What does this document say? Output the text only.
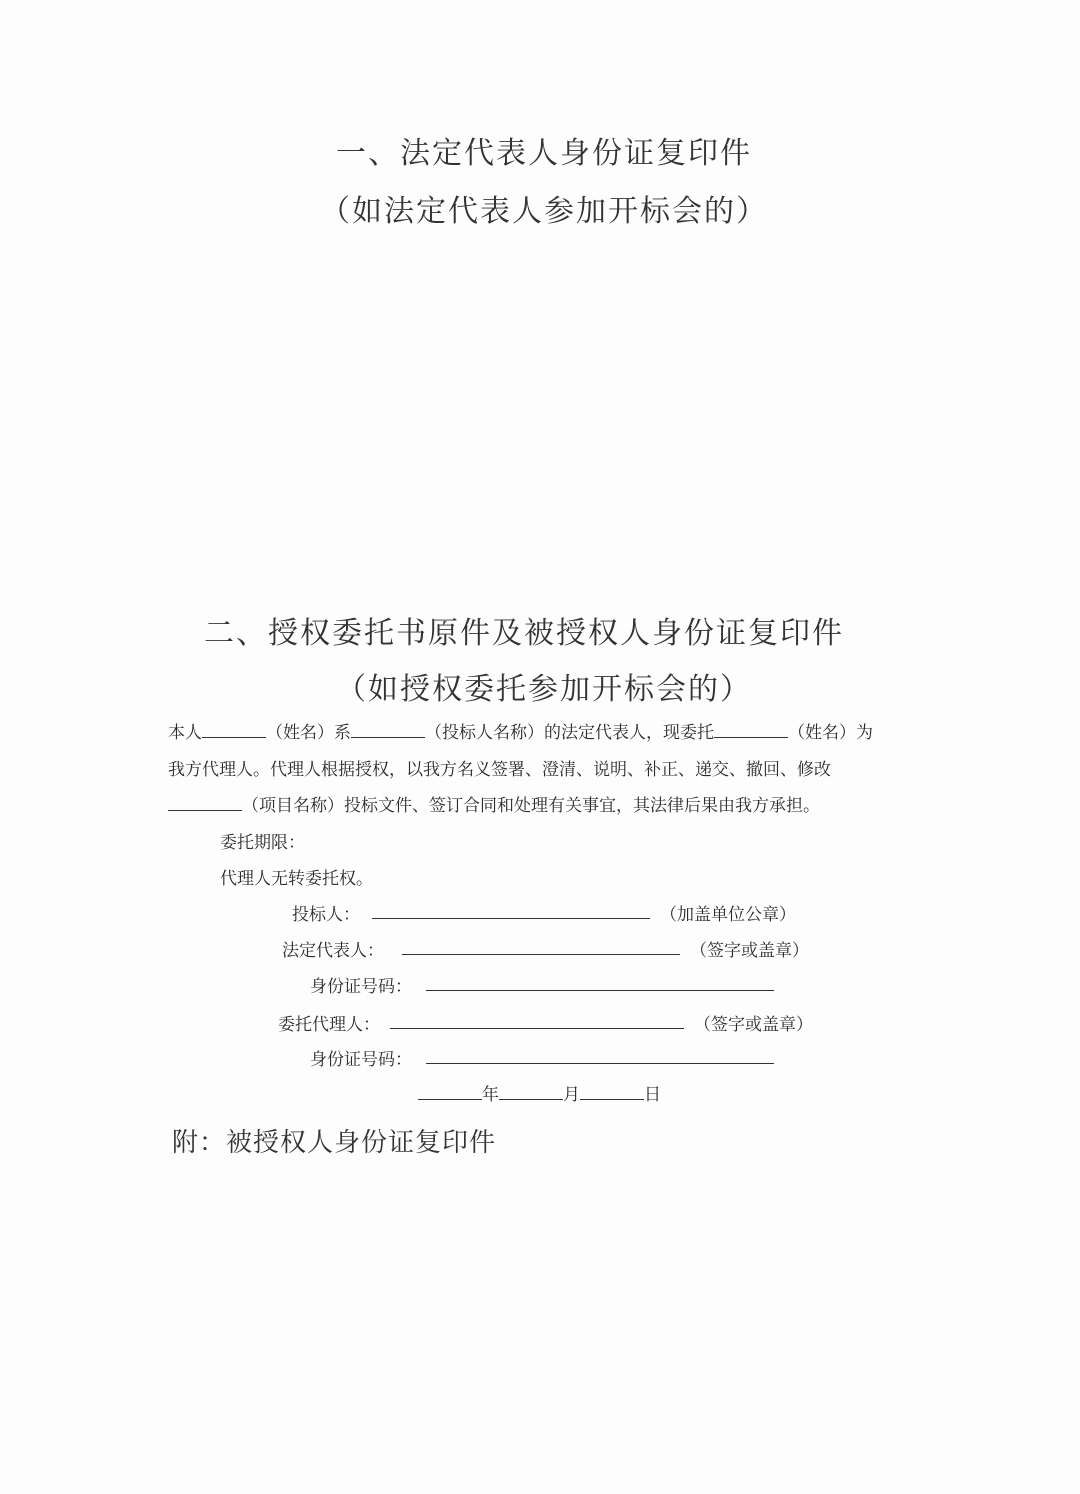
一、法定代表人身份证复印件
（如法定代表人参加开标会的）
二、授权委托书原件及被授权人身份证复印件
（如授权委托参加开标会的）
本人	（姓名）系	（投标人名称）的法定代表人，现委托	（姓名）为
我方代理人。代理人根据授权，以我方名义签署、澄清、说明、补正、递交、撤回、修改
（项目名称）投标文件、签订合同和处理有关事宜，其法律后果由我方承担。
委托期限：
代理人无转委托权。
投标人：	（加盖单位公章）
法定代表人：	（签字或盖章）
身份证号码：
委托代理人：	（签字或盖章）
身份证号码：
年	月	日
附：被授权人身份证复印件
